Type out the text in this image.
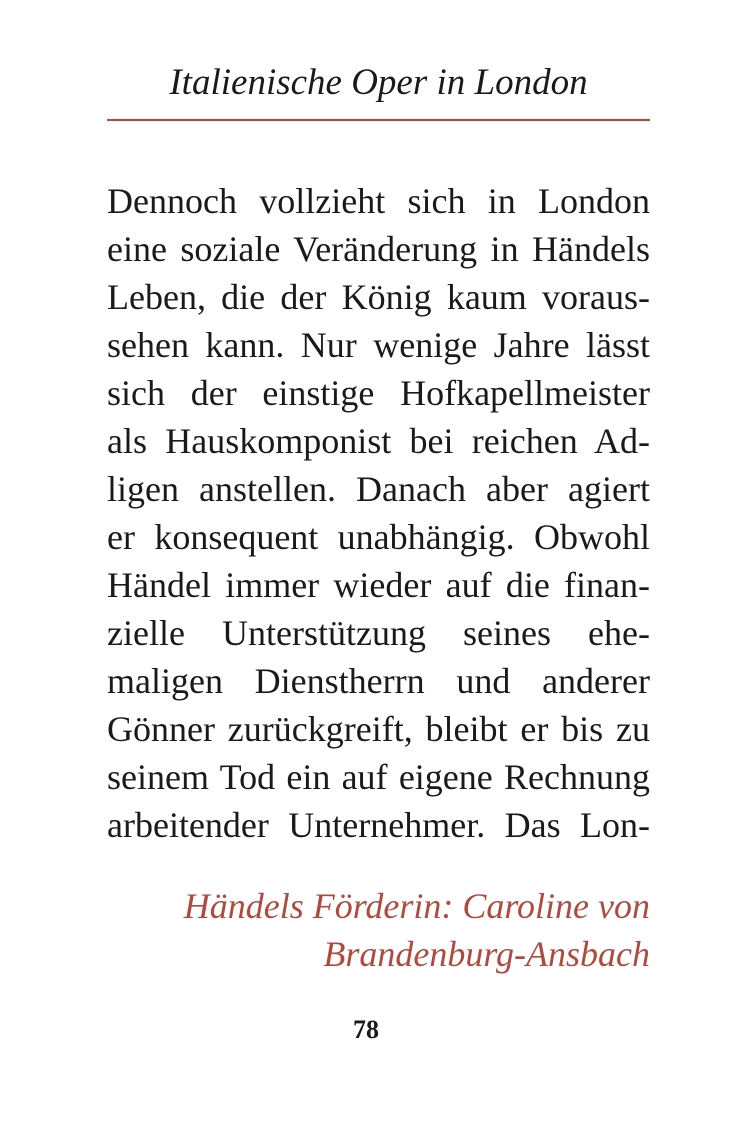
Italienische Oper in London
Dennoch vollzieht sich in London
eine soziale Veränderung in Händels
Leben, die der König kaum voraus-
sehen kann. Nur wenige Jahre lässt
sich der einstige Hofkapellmeister
als Hauskomponist bei reichen Ad-
ligen anstellen. Danach aber agiert
er konsequent unabhängig. Obwohl
Händel immer wieder auf die finan-
zielle Unterstützung seines ehe-
maligen Dienstherrn und anderer
Gönner zurückgreift, bleibt er bis zu
seinem Tod ein auf eigene Rechnung
arbeitender Unternehmer. Das Lon-
Händels Förderin: Caroline von
Brandenburg-Ansbach
78
